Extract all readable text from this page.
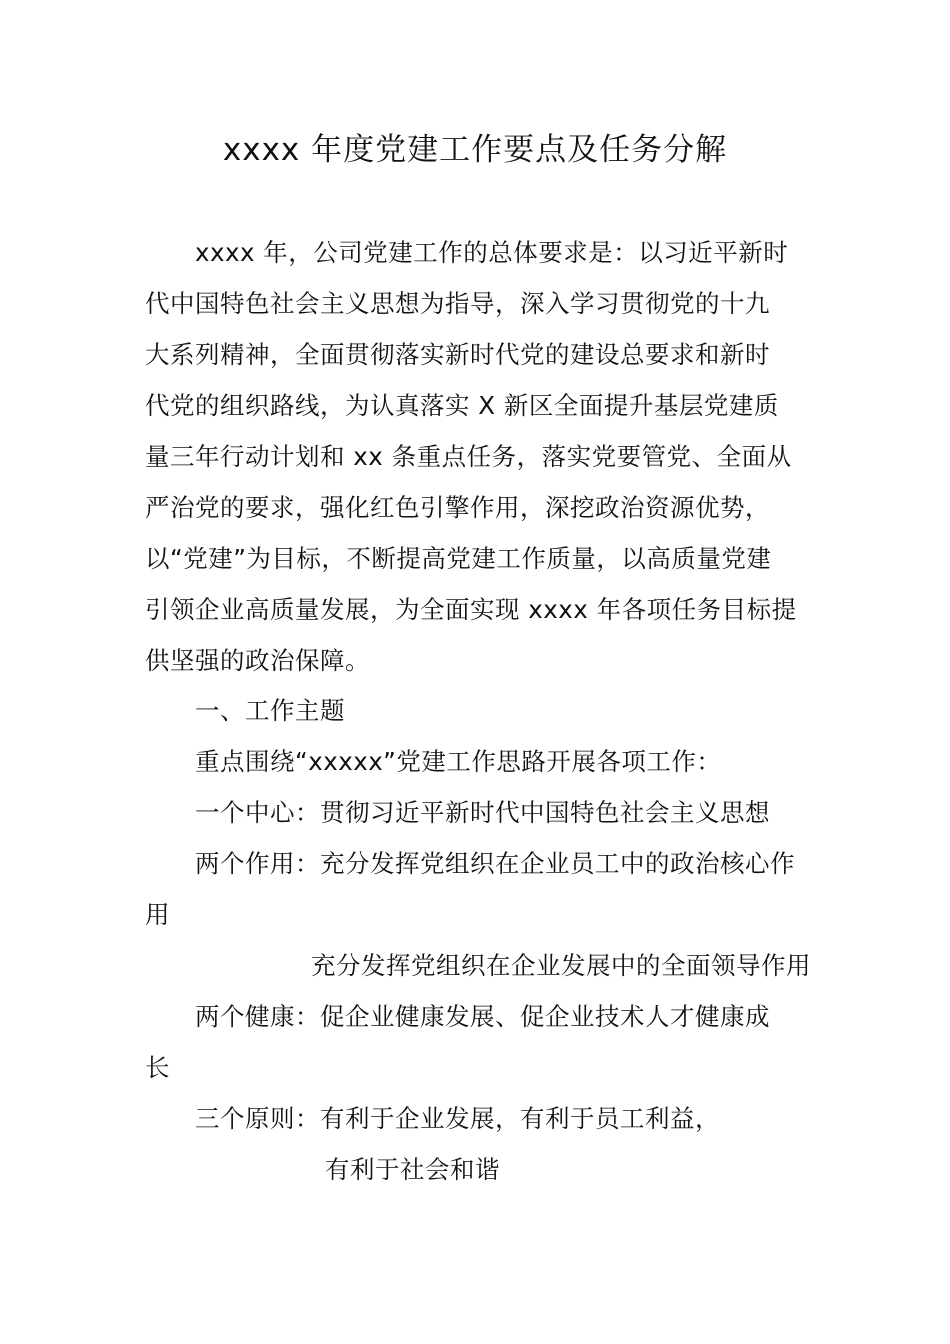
xxxx 年度党建工作要点及任务分解
xxxx 年，公司党建工作的总体要求是：以习近平新时
代中国特色社会主义思想为指导，深入学习贯彻党的十九
大系列精神，全面贯彻落实新时代党的建设总要求和新时
代党的组织路线，为认真落实 X 新区全面提升基层党建质
量三年行动计划和 xx 条重点任务，落实党要管党、全面从
严治党的要求，强化红色引擎作用，深挖政治资源优势，
以“党建”为目标，不断提高党建工作质量，以高质量党建
引领企业高质量发展，为全面实现 xxxx 年各项任务目标提
供坚强的政治保障。
一、工作主题
重点围绕“xxxxx”党建工作思路开展各项工作：
一个中心：贯彻习近平新时代中国特色社会主义思想
两个作用：充分发挥党组织在企业员工中的政治核心作
用
充分发挥党组织在企业发展中的全面领导作用
两个健康：促企业健康发展、促企业技术人才健康成
长
三个原则：有利于企业发展，有利于员工利益，
有利于社会和谐
